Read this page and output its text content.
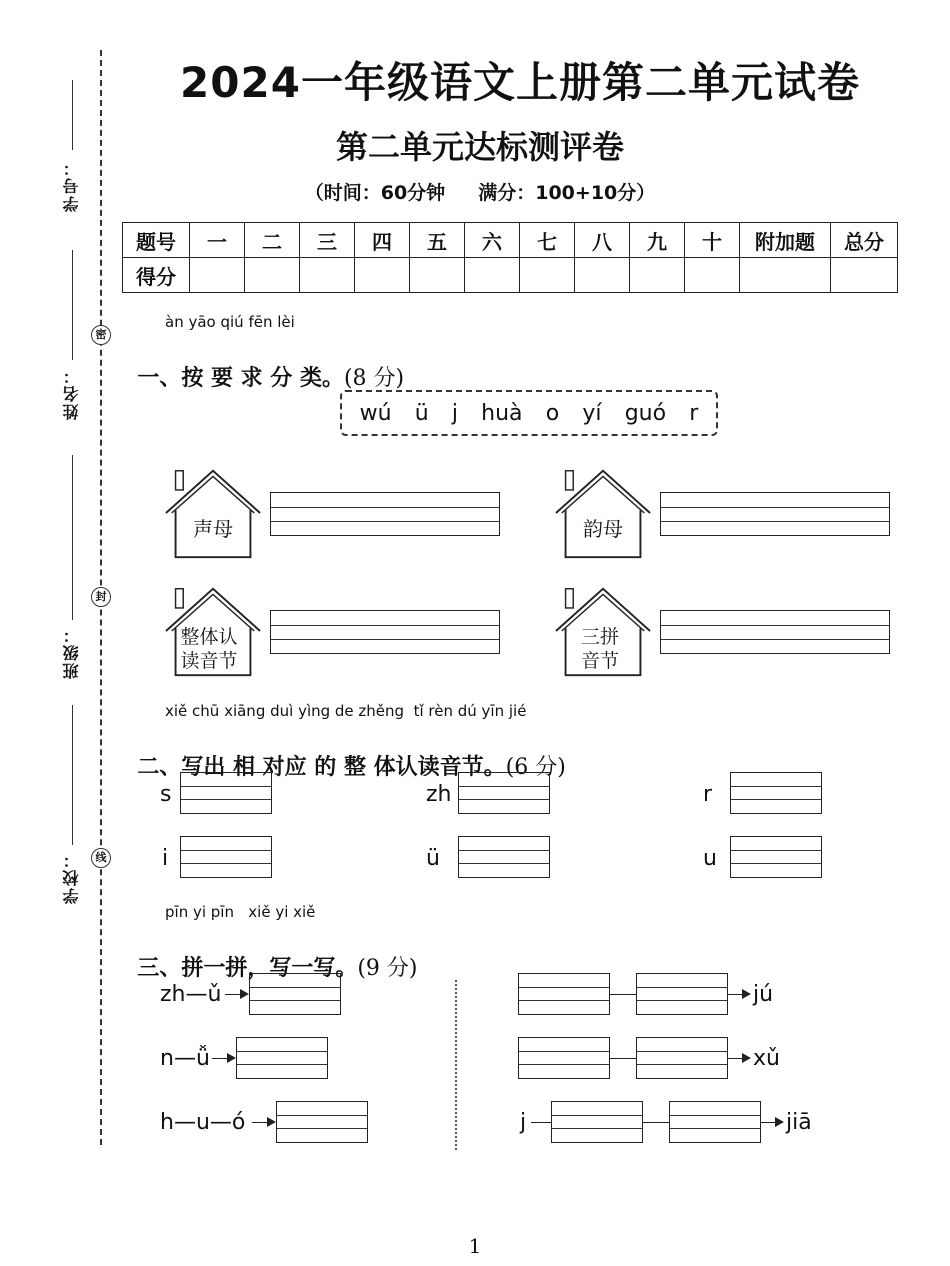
学号：
姓名：
班级：
学校：
密
封
线
2024一年级语文上册第二单元试卷
第二单元达标测评卷
（时间：60分钟     满分：100+10分）
题号	一	二	三	四	五	六	七	八	九	十	附加题	总分
得分												
àn yāo qiú fēn lèi

一、按 要 求 分 类。(8 分)

wú ü j huà o yí guó r
声母	韵母
整体认读音节
三拼音节
xiě chū xiāng duì yìng de zhěng  tǐ rèn dú yīn jié

二、写出 相 对应 的 整 体认读音节。(6 分)

s	zh	r
i	ü	u
pīn yi pīn   xiě yi xiě

三、拼一拼，写一写。(9 分)

zh—ǔ
n—ǚ
h—u—ó
jú
xǔ
j	jiā
1
